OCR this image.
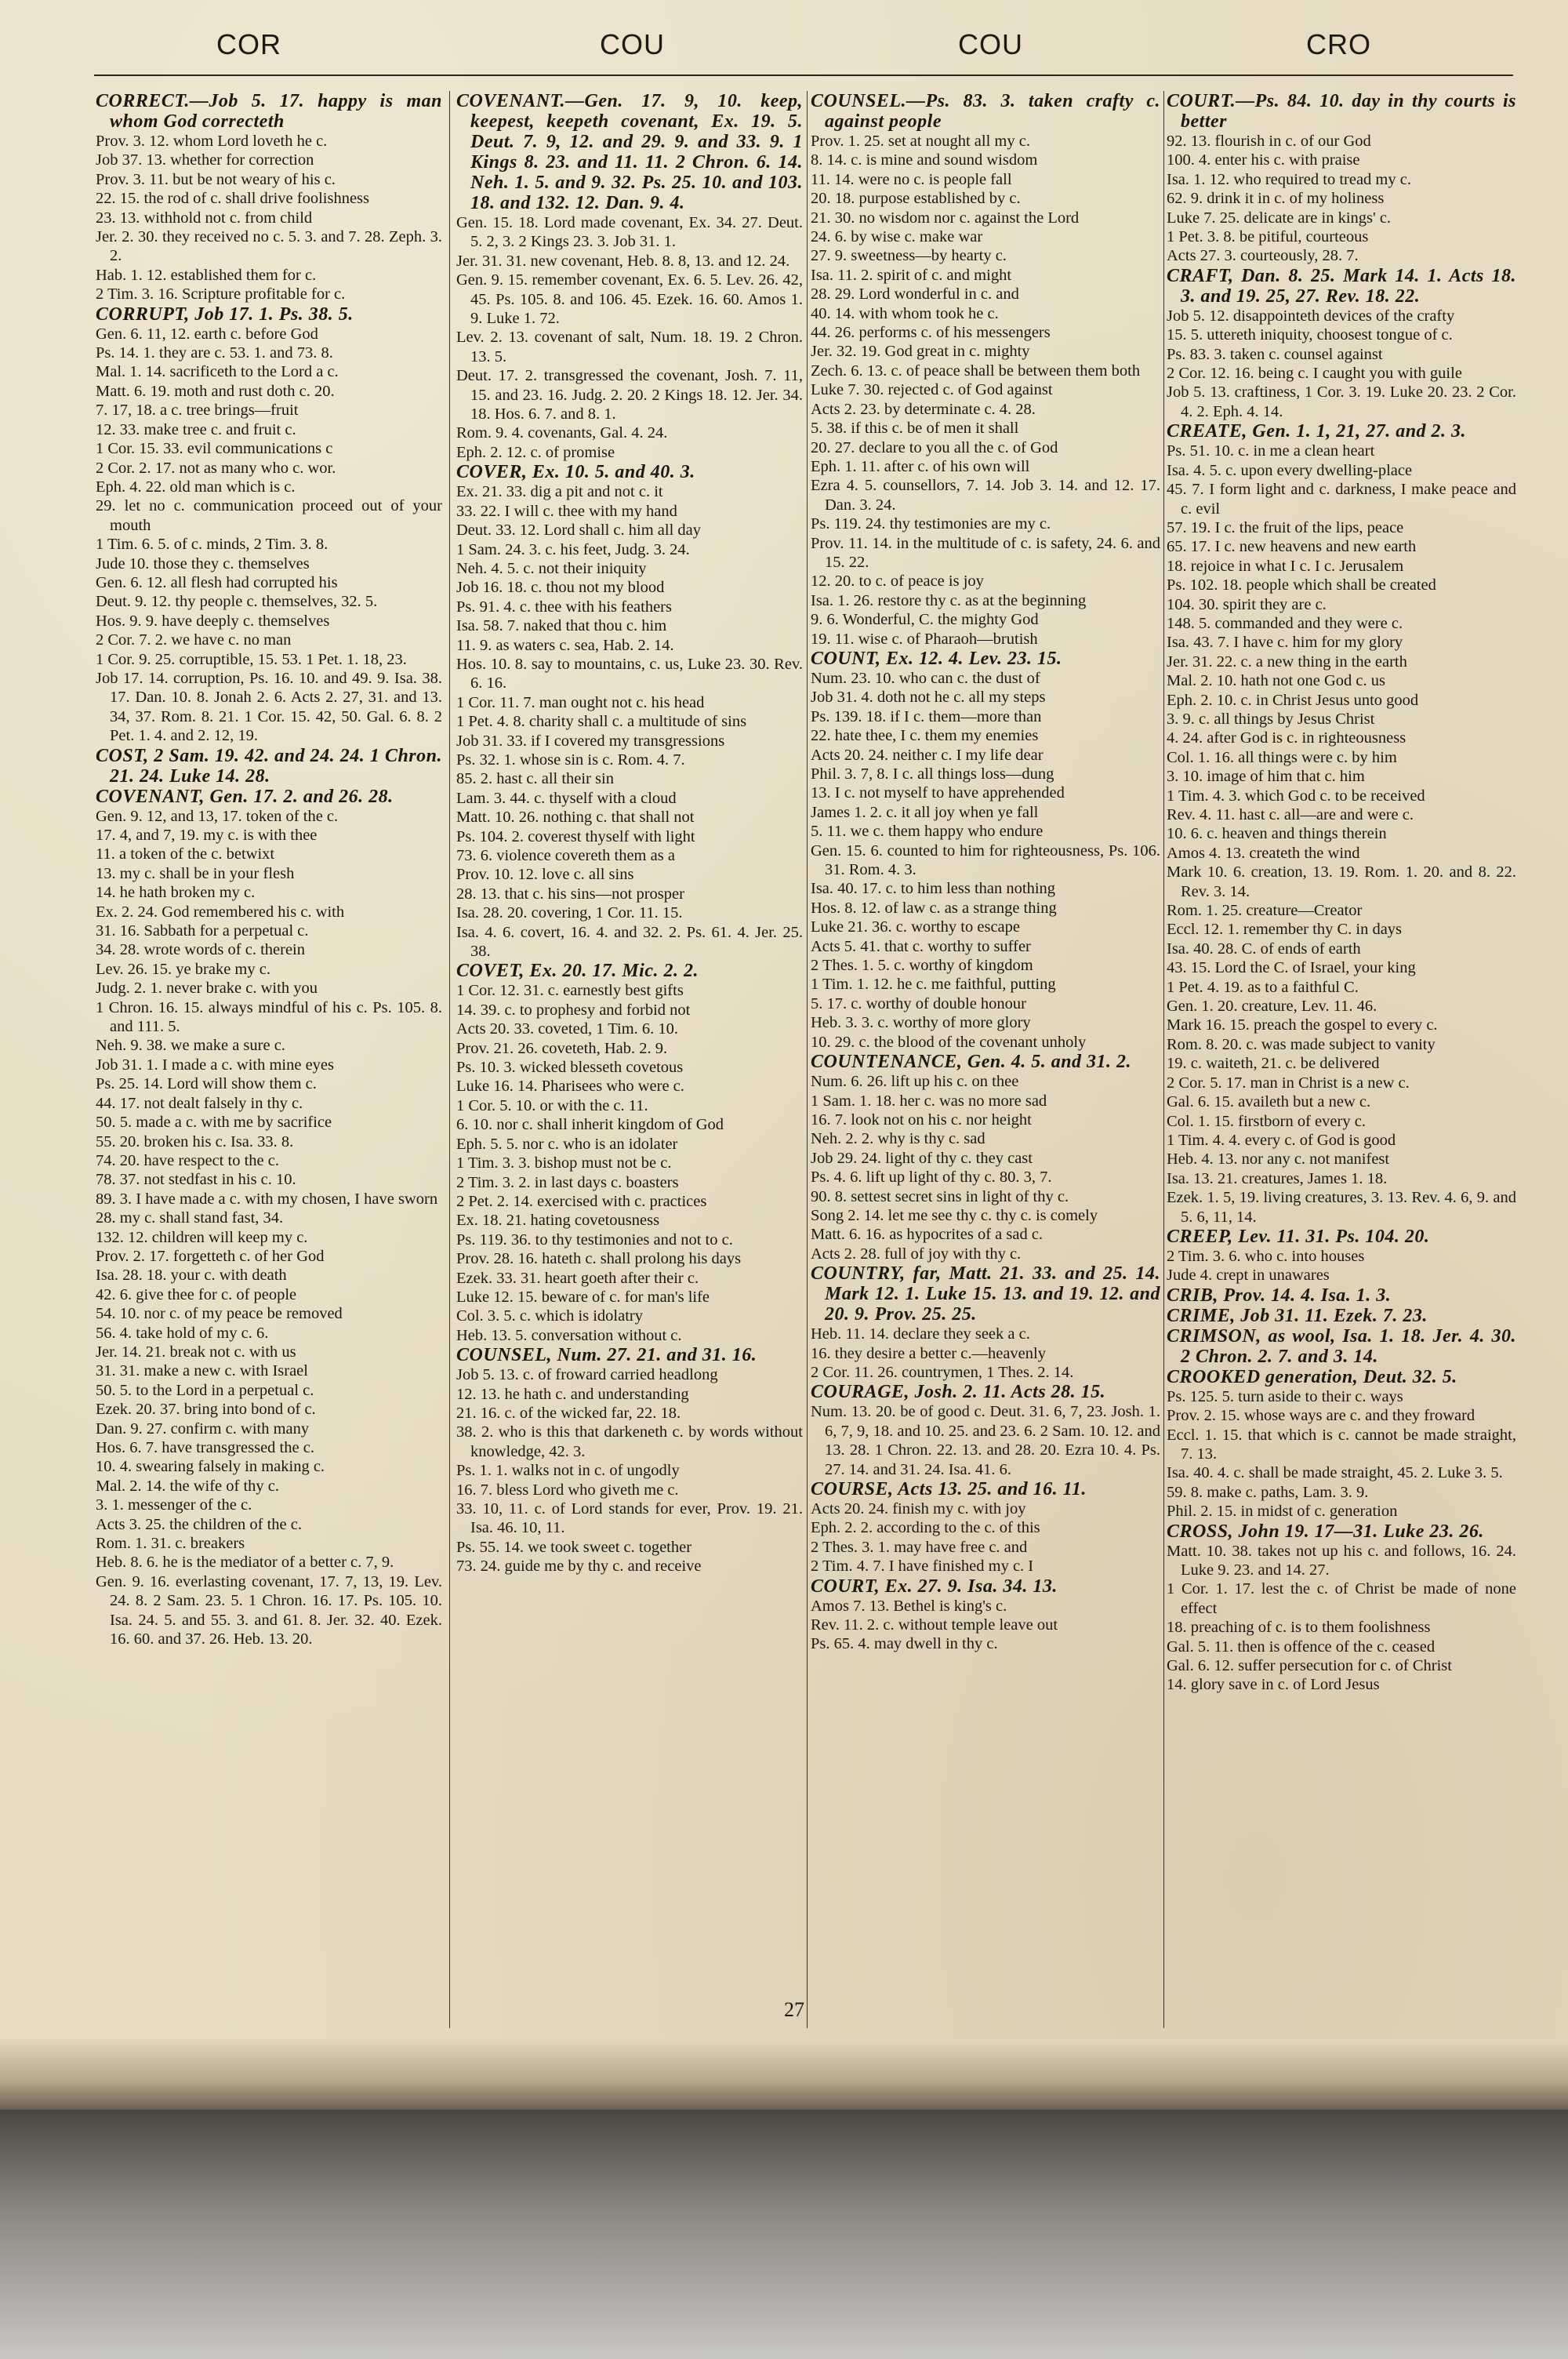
COR	COU	COU	CRO

CORRECT.—Job 5. 17. happy is man whom God correcteth

Prov. 3. 12. whom Lord loveth he c.

Job 37. 13. whether for correction

Prov. 3. 11. but be not weary of his c.

22. 15. the rod of c. shall drive foolishness

23. 13. withhold not c. from child

Jer. 2. 30. they received no c. 5. 3. and 7. 28. Zeph. 3. 2.

Hab. 1. 12. established them for c.

2 Tim. 3. 16. Scripture profitable for c.

CORRUPT, Job 17. 1. Ps. 38. 5.

Gen. 6. 11, 12. earth c. before God

Ps. 14. 1. they are c. 53. 1. and 73. 8.

Mal. 1. 14. sacrificeth to the Lord a c.

Matt. 6. 19. moth and rust doth c. 20.

7. 17, 18. a c. tree brings—fruit

12. 33. make tree c. and fruit c.

1 Cor. 15. 33. evil communications c

2 Cor. 2. 17. not as many who c. wor.

Eph. 4. 22. old man which is c.

29. let no c. communication proceed out of your mouth

1 Tim. 6. 5. of c. minds, 2 Tim. 3. 8.

Jude 10. those they c. themselves

Gen. 6. 12. all flesh had corrupted his

Deut. 9. 12. thy people c. themselves, 32. 5.

Hos. 9. 9. have deeply c. themselves

2 Cor. 7. 2. we have c. no man

1 Cor. 9. 25. corruptible, 15. 53. 1 Pet. 1. 18, 23.

Job 17. 14. corruption, Ps. 16. 10. and 49. 9. Isa. 38. 17. Dan. 10. 8. Jonah 2. 6. Acts 2. 27, 31. and 13. 34, 37. Rom. 8. 21. 1 Cor. 15. 42, 50. Gal. 6. 8. 2 Pet. 1. 4. and 2. 12, 19.

COST, 2 Sam. 19. 42. and 24. 24. 1 Chron. 21. 24. Luke 14. 28.

COVENANT, Gen. 17. 2. and 26. 28.

Gen. 9. 12, and 13, 17. token of the c.

17. 4, and 7, 19. my c. is with thee

11. a token of the c. betwixt

13. my c. shall be in your flesh

14. he hath broken my c.

Ex. 2. 24. God remembered his c. with

31. 16. Sabbath for a perpetual c.

34. 28. wrote words of c. therein

Lev. 26. 15. ye brake my c.

Judg. 2. 1. never brake c. with you

1 Chron. 16. 15. always mindful of his c. Ps. 105. 8. and 111. 5.

Neh. 9. 38. we make a sure c.

Job 31. 1. I made a c. with mine eyes

Ps. 25. 14. Lord will show them c.

44. 17. not dealt falsely in thy c.

50. 5. made a c. with me by sacrifice

55. 20. broken his c. Isa. 33. 8.

74. 20. have respect to the c.

78. 37. not stedfast in his c. 10.

89. 3. I have made a c. with my chosen, I have sworn

28. my c. shall stand fast, 34.

132. 12. children will keep my c.

Prov. 2. 17. forgetteth c. of her God

Isa. 28. 18. your c. with death

42. 6. give thee for c. of people

54. 10. nor c. of my peace be removed

56. 4. take hold of my c. 6.

Jer. 14. 21. break not c. with us

31. 31. make a new c. with Israel

50. 5. to the Lord in a perpetual c.

Ezek. 20. 37. bring into bond of c.

Dan. 9. 27. confirm c. with many

Hos. 6. 7. have transgressed the c.

10. 4. swearing falsely in making c.

Mal. 2. 14. the wife of thy c.

3. 1. messenger of the c.

Acts 3. 25. the children of the c.

Rom. 1. 31. c. breakers

Heb. 8. 6. he is the mediator of a better c. 7, 9.

Gen. 9. 16. everlasting covenant, 17. 7, 13, 19. Lev. 24. 8. 2 Sam. 23. 5. 1 Chron. 16. 17. Ps. 105. 10. Isa. 24. 5. and 55. 3. and 61. 8. Jer. 32. 40. Ezek. 16. 60. and 37. 26. Heb. 13. 20.

COVENANT.—Gen. 17. 9, 10. keep, keepest, keepeth covenant, Ex. 19. 5. Deut. 7. 9, 12. and 29. 9. and 33. 9. 1 Kings 8. 23. and 11. 11. 2 Chron. 6. 14. Neh. 1. 5. and 9. 32. Ps. 25. 10. and 103. 18. and 132. 12. Dan. 9. 4.

Gen. 15. 18. Lord made covenant, Ex. 34. 27. Deut. 5. 2, 3. 2 Kings 23. 3. Job 31. 1.

Jer. 31. 31. new covenant, Heb. 8. 8, 13. and 12. 24.

Gen. 9. 15. remember covenant, Ex. 6. 5. Lev. 26. 42, 45. Ps. 105. 8. and 106. 45. Ezek. 16. 60. Amos 1. 9. Luke 1. 72.

Lev. 2. 13. covenant of salt, Num. 18. 19. 2 Chron. 13. 5.

Deut. 17. 2. transgressed the covenant, Josh. 7. 11, 15. and 23. 16. Judg. 2. 20. 2 Kings 18. 12. Jer. 34. 18. Hos. 6. 7. and 8. 1.

Rom. 9. 4. covenants, Gal. 4. 24.

Eph. 2. 12. c. of promise

COVER, Ex. 10. 5. and 40. 3.

Ex. 21. 33. dig a pit and not c. it

33. 22. I will c. thee with my hand

Deut. 33. 12. Lord shall c. him all day

1 Sam. 24. 3. c. his feet, Judg. 3. 24.

Neh. 4. 5. c. not their iniquity

Job 16. 18. c. thou not my blood

Ps. 91. 4. c. thee with his feathers

Isa. 58. 7. naked that thou c. him

11. 9. as waters c. sea, Hab. 2. 14.

Hos. 10. 8. say to mountains, c. us, Luke 23. 30. Rev. 6. 16.

1 Cor. 11. 7. man ought not c. his head

1 Pet. 4. 8. charity shall c. a multitude of sins

Job 31. 33. if I covered my transgressions

Ps. 32. 1. whose sin is c. Rom. 4. 7.

85. 2. hast c. all their sin

Lam. 3. 44. c. thyself with a cloud

Matt. 10. 26. nothing c. that shall not

Ps. 104. 2. coverest thyself with light

73. 6. violence covereth them as a

Prov. 10. 12. love c. all sins

28. 13. that c. his sins—not prosper

Isa. 28. 20. covering, 1 Cor. 11. 15.

Isa. 4. 6. covert, 16. 4. and 32. 2. Ps. 61. 4. Jer. 25. 38.

COVET, Ex. 20. 17. Mic. 2. 2.

1 Cor. 12. 31. c. earnestly best gifts

14. 39. c. to prophesy and forbid not

Acts 20. 33. coveted, 1 Tim. 6. 10.

Prov. 21. 26. coveteth, Hab. 2. 9.

Ps. 10. 3. wicked blesseth covetous

Luke 16. 14. Pharisees who were c.

1 Cor. 5. 10. or with the c. 11.

6. 10. nor c. shall inherit kingdom of God

Eph. 5. 5. nor c. who is an idolater

1 Tim. 3. 3. bishop must not be c.

2 Tim. 3. 2. in last days c. boasters

2 Pet. 2. 14. exercised with c. practices

Ex. 18. 21. hating covetousness

Ps. 119. 36. to thy testimonies and not to c.

Prov. 28. 16. hateth c. shall prolong his days

Ezek. 33. 31. heart goeth after their c.

Luke 12. 15. beware of c. for man's life

Col. 3. 5. c. which is idolatry

Heb. 13. 5. conversation without c.

COUNSEL, Num. 27. 21. and 31. 16.

Job 5. 13. c. of froward carried headlong

12. 13. he hath c. and understanding

21. 16. c. of the wicked far, 22. 18.

38. 2. who is this that darkeneth c. by words without knowledge, 42. 3.

Ps. 1. 1. walks not in c. of ungodly

16. 7. bless Lord who giveth me c.

33. 10, 11. c. of Lord stands for ever, Prov. 19. 21. Isa. 46. 10, 11.

Ps. 55. 14. we took sweet c. together

73. 24. guide me by thy c. and receive

COUNSEL.—Ps. 83. 3. taken crafty c. against people

Prov. 1. 25. set at nought all my c.

8. 14. c. is mine and sound wisdom

11. 14. were no c. is people fall

20. 18. purpose established by c.

21. 30. no wisdom nor c. against the Lord

24. 6. by wise c. make war

27. 9. sweetness—by hearty c.

Isa. 11. 2. spirit of c. and might

28. 29. Lord wonderful in c. and

40. 14. with whom took he c.

44. 26. performs c. of his messengers

Jer. 32. 19. God great in c. mighty

Zech. 6. 13. c. of peace shall be between them both

Luke 7. 30. rejected c. of God against

Acts 2. 23. by determinate c. 4. 28.

5. 38. if this c. be of men it shall

20. 27. declare to you all the c. of God

Eph. 1. 11. after c. of his own will

Ezra 4. 5. counsellors, 7. 14. Job 3. 14. and 12. 17. Dan. 3. 24.

Ps. 119. 24. thy testimonies are my c.

Prov. 11. 14. in the multitude of c. is safety, 24. 6. and 15. 22.

12. 20. to c. of peace is joy

Isa. 1. 26. restore thy c. as at the beginning

9. 6. Wonderful, C. the mighty God

19. 11. wise c. of Pharaoh—brutish

COUNT, Ex. 12. 4. Lev. 23. 15.

Num. 23. 10. who can c. the dust of

Job 31. 4. doth not he c. all my steps

Ps. 139. 18. if I c. them—more than

22. hate thee, I c. them my enemies

Acts 20. 24. neither c. I my life dear

Phil. 3. 7, 8. I c. all things loss—dung

13. I c. not myself to have apprehended

James 1. 2. c. it all joy when ye fall

5. 11. we c. them happy who endure

Gen. 15. 6. counted to him for righteousness, Ps. 106. 31. Rom. 4. 3.

Isa. 40. 17. c. to him less than nothing

Hos. 8. 12. of law c. as a strange thing

Luke 21. 36. c. worthy to escape

Acts 5. 41. that c. worthy to suffer

2 Thes. 1. 5. c. worthy of kingdom

1 Tim. 1. 12. he c. me faithful, putting

5. 17. c. worthy of double honour

Heb. 3. 3. c. worthy of more glory

10. 29. c. the blood of the covenant unholy

COUNTENANCE, Gen. 4. 5. and 31. 2.

Num. 6. 26. lift up his c. on thee

1 Sam. 1. 18. her c. was no more sad

16. 7. look not on his c. nor height

Neh. 2. 2. why is thy c. sad

Job 29. 24. light of thy c. they cast

Ps. 4. 6. lift up light of thy c. 80. 3, 7.

90. 8. settest secret sins in light of thy c.

Song 2. 14. let me see thy c. thy c. is comely

Matt. 6. 16. as hypocrites of a sad c.

Acts 2. 28. full of joy with thy c.

COUNTRY, far, Matt. 21. 33. and 25. 14. Mark 12. 1. Luke 15. 13. and 19. 12. and 20. 9. Prov. 25. 25.

Heb. 11. 14. declare they seek a c.

16. they desire a better c.—heavenly

2 Cor. 11. 26. countrymen, 1 Thes. 2. 14.

COURAGE, Josh. 2. 11. Acts 28. 15.

Num. 13. 20. be of good c. Deut. 31. 6, 7, 23. Josh. 1. 6, 7, 9, 18. and 10. 25. and 23. 6. 2 Sam. 10. 12. and 13. 28. 1 Chron. 22. 13. and 28. 20. Ezra 10. 4. Ps. 27. 14. and 31. 24. Isa. 41. 6.

COURSE, Acts 13. 25. and 16. 11.

Acts 20. 24. finish my c. with joy

Eph. 2. 2. according to the c. of this

2 Thes. 3. 1. may have free c. and

2 Tim. 4. 7. I have finished my c. I

COURT, Ex. 27. 9. Isa. 34. 13.

Amos 7. 13. Bethel is king's c.

Rev. 11. 2. c. without temple leave out

Ps. 65. 4. may dwell in thy c.

COURT.—Ps. 84. 10. day in thy courts is better

92. 13. flourish in c. of our God

100. 4. enter his c. with praise

Isa. 1. 12. who required to tread my c.

62. 9. drink it in c. of my holiness

Luke 7. 25. delicate are in kings' c.

1 Pet. 3. 8. be pitiful, courteous

Acts 27. 3. courteously, 28. 7.

CRAFT, Dan. 8. 25. Mark 14. 1. Acts 18. 3. and 19. 25, 27. Rev. 18. 22.

Job 5. 12. disappointeth devices of the crafty

15. 5. uttereth iniquity, choosest tongue of c.

Ps. 83. 3. taken c. counsel against

2 Cor. 12. 16. being c. I caught you with guile

Job 5. 13. craftiness, 1 Cor. 3. 19. Luke 20. 23. 2 Cor. 4. 2. Eph. 4. 14.

CREATE, Gen. 1. 1, 21, 27. and 2. 3.

Ps. 51. 10. c. in me a clean heart

Isa. 4. 5. c. upon every dwelling-place

45. 7. I form light and c. darkness, I make peace and c. evil

57. 19. I c. the fruit of the lips, peace

65. 17. I c. new heavens and new earth

18. rejoice in what I c. I c. Jerusalem

Ps. 102. 18. people which shall be created

104. 30. spirit they are c.

148. 5. commanded and they were c.

Isa. 43. 7. I have c. him for my glory

Jer. 31. 22. c. a new thing in the earth

Mal. 2. 10. hath not one God c. us

Eph. 2. 10. c. in Christ Jesus unto good

3. 9. c. all things by Jesus Christ

4. 24. after God is c. in righteousness

Col. 1. 16. all things were c. by him

3. 10. image of him that c. him

1 Tim. 4. 3. which God c. to be received

Rev. 4. 11. hast c. all—are and were c.

10. 6. c. heaven and things therein

Amos 4. 13. createth the wind

Mark 10. 6. creation, 13. 19. Rom. 1. 20. and 8. 22. Rev. 3. 14.

Rom. 1. 25. creature—Creator

Eccl. 12. 1. remember thy C. in days

Isa. 40. 28. C. of ends of earth

43. 15. Lord the C. of Israel, your king

1 Pet. 4. 19. as to a faithful C.

Gen. 1. 20. creature, Lev. 11. 46.

Mark 16. 15. preach the gospel to every c.

Rom. 8. 20. c. was made subject to vanity

19. c. waiteth, 21. c. be delivered

2 Cor. 5. 17. man in Christ is a new c.

Gal. 6. 15. availeth but a new c.

Col. 1. 15. firstborn of every c.

1 Tim. 4. 4. every c. of God is good

Heb. 4. 13. nor any c. not manifest

Isa. 13. 21. creatures, James 1. 18.

Ezek. 1. 5, 19. living creatures, 3. 13. Rev. 4. 6, 9. and 5. 6, 11, 14.

CREEP, Lev. 11. 31. Ps. 104. 20.

2 Tim. 3. 6. who c. into houses

Jude 4. crept in unawares

CRIB, Prov. 14. 4. Isa. 1. 3.

CRIME, Job 31. 11. Ezek. 7. 23.

CRIMSON, as wool, Isa. 1. 18. Jer. 4. 30. 2 Chron. 2. 7. and 3. 14.

CROOKED generation, Deut. 32. 5.

Ps. 125. 5. turn aside to their c. ways

Prov. 2. 15. whose ways are c. and they froward

Eccl. 1. 15. that which is c. cannot be made straight, 7. 13.

Isa. 40. 4. c. shall be made straight, 45. 2. Luke 3. 5.

59. 8. make c. paths, Lam. 3. 9.

Phil. 2. 15. in midst of c. generation

CROSS, John 19. 17—31. Luke 23. 26.

Matt. 10. 38. takes not up his c. and follows, 16. 24. Luke 9. 23. and 14. 27.

1 Cor. 1. 17. lest the c. of Christ be made of none effect

18. preaching of c. is to them foolishness

Gal. 5. 11. then is offence of the c. ceased

Gal. 6. 12. suffer persecution for c. of Christ

14. glory save in c. of Lord Jesus

27
